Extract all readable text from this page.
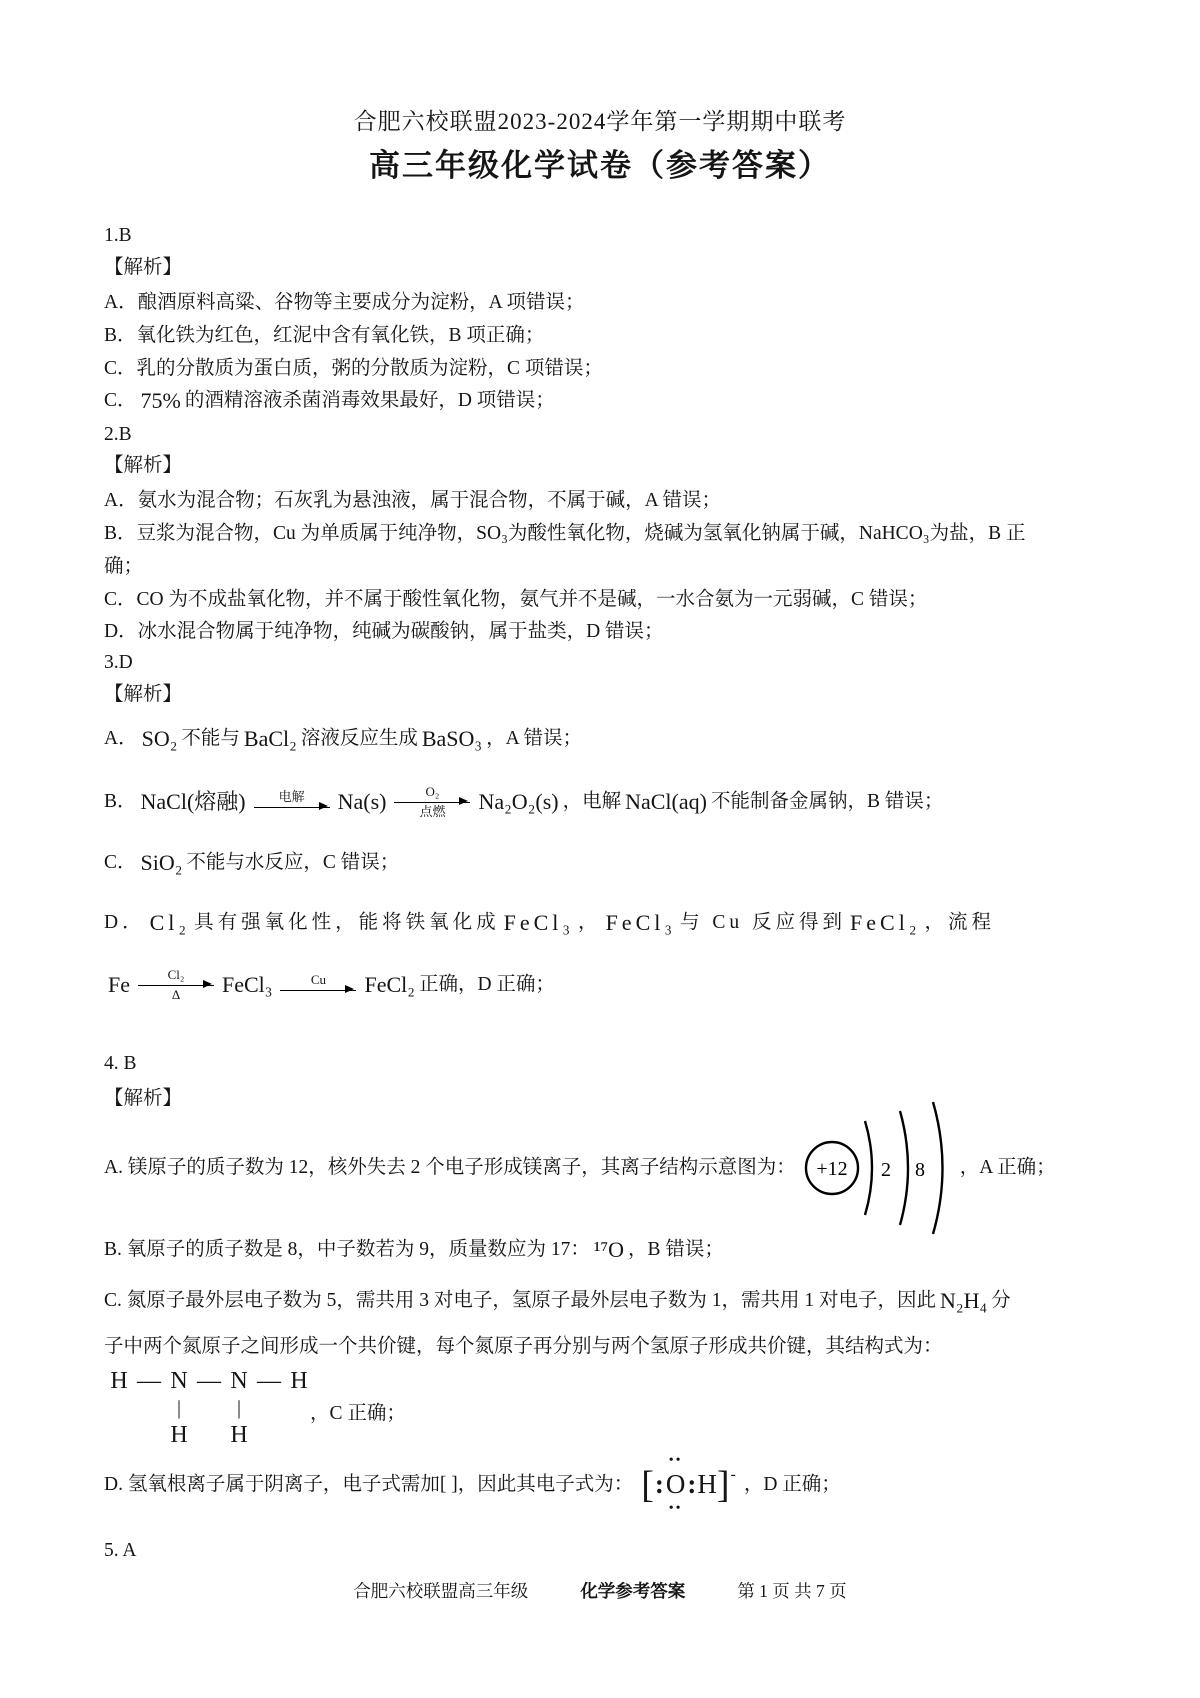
合肥六校联盟2023-2024学年第一学期期中联考
高三年级化学试卷（参考答案）
1.B
【解析】
A．酿酒原料高粱、谷物等主要成分为淀粉，A 项错误；
B．氧化铁为红色，红泥中含有氧化铁，B 项正确；
C．乳的分散质为蛋白质，粥的分散质为淀粉，C 项错误；
C． 75% 的酒精溶液杀菌消毒效果最好，D 项错误；
2.B
【解析】
A．氨水为混合物；石灰乳为悬浊液，属于混合物，不属于碱，A 错误；
B．豆浆为混合物，Cu 为单质属于纯净物，SO₃为酸性氧化物，烧碱为氢氧化钠属于碱，NaHCO₃为盐，B 正
确；
C．CO 为不成盐氧化物，并不属于酸性氧化物，氨气并不是碱，一水合氨为一元弱碱，C 错误；
D．冰水混合物属于纯净物，纯碱为碳酸钠，属于盐类，D 错误；
3.D
【解析】
A． SO₂ 不能与 BaCl₂ 溶液反应生成 BaSO₃ ，A 错误；
B． NaCl(熔融)	电解 Na(s)	O₂
点燃 Na₂O₂(s) ，电解 NaCl(aq) 不能制备金属钠，B 错误；
C． SiO₂ 不能与水反应，C 错误；
D． Cl₂ 具有强氧化性，能将铁氧化成 FeCl₃ ， FeCl₃ 与 Cu 反应得到 FeCl₂ ，流程
Fe	Cl₂
Δ FeCl₃	Cu FeCl₂ 正确，D 正确；
4. B
【解析】
A. 镁原子的质子数为 12，核外失去 2 个电子形成镁离子，其离子结构示意图为： +12 2 8 ，A 正确；
B. 氧原子的质子数是 8，中子数若为 9，质量数应为 17： ¹⁷O ，B 错误；
C. 氮原子最外层电子数为 5，需共用 3 对电子，氢原子最外层电子数为 1，需共用 1 对电子，因此 N₂H₄ 分
子中两个氮原子之间形成一个共价键，每个氮原子再分别与两个氢原子形成共价键，其结构式为：
H — N — N — H
|	|
H H
，C 正确；
D. 氢氧根离子属于阴离子，电子式需加[ ]，因此其电子式为： [ :
••
O
••
: H ] - ，D 正确；
5. A
合肥六校联盟高三年级	化学参考答案	第 1 页 共 7 页
